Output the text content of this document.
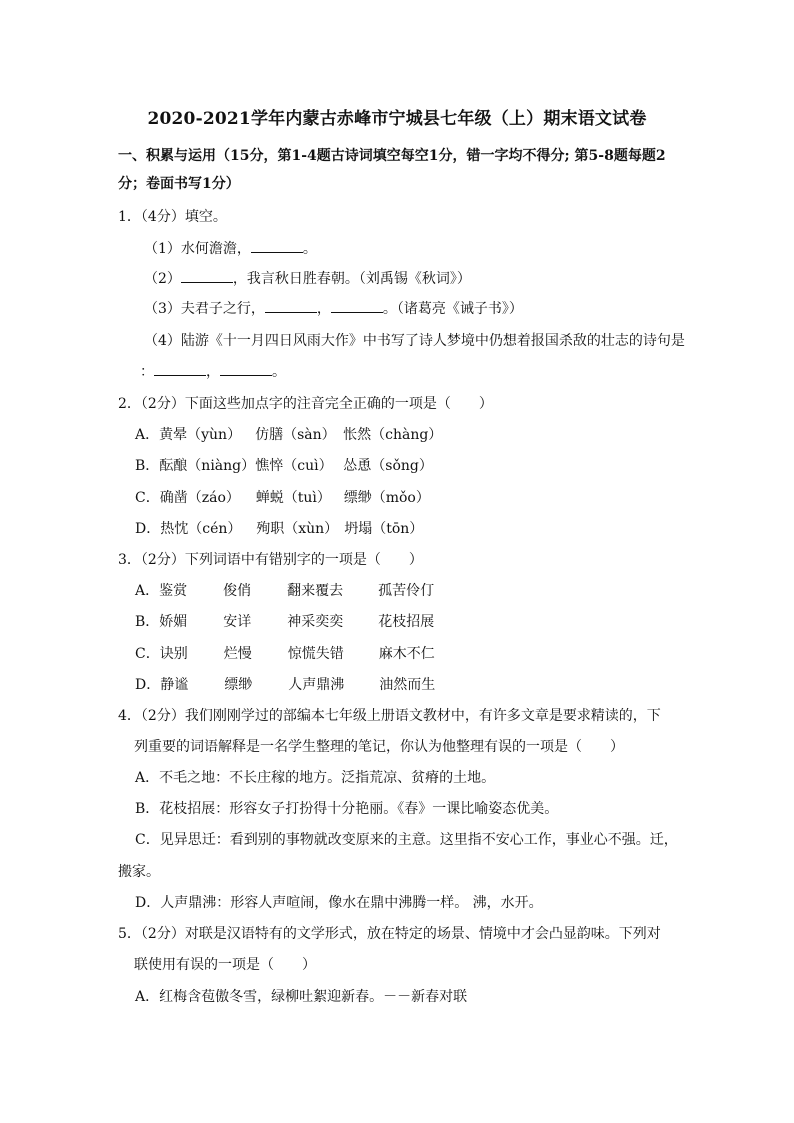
2020-2021学年内蒙古赤峰市宁城县七年级（上）期末语文试卷
一、积累与运用（15分，第1-4题古诗词填空每空1分，错一字均不得分; 第5-8题每题2
分；卷面书写1分）
1．（4分）填空。
（1）水何澹澹，	。
（2）	，我言秋日胜春朝。（刘禹锡《秋词》）
（3）夫君子之行，	，	。（诸葛亮《诫子书》）
（4）陆游《十一月四日风雨大作》中书写了诗人梦境中仍想着报国杀敌的壮志的诗句是
：	，	。
2．（2分）下面这些加点字的注音完全正确的一项是（　　）
A．黄晕（yùn） 仿膳（sàn） 怅然（chàng）
B．酝酿（niàng）憔悴（cuì） 怂恿（sǒng）
C．确凿（záo） 蝉蜕（tuì） 缥缈（mǒo）
D．热忱（cén） 殉职（xùn） 坍塌（tōn）
3．（2分）下列词语中有错别字的一项是（　　）
A．鉴赏	俊俏	翻来覆去	孤苦伶仃
B．娇媚	安详	神采奕奕	花枝招展
C．诀别	烂慢	惊慌失错	麻木不仁
D．静谧	缥缈	人声鼎沸	油然而生
4．（2分）我们刚刚学过的部编本七年级上册语文教材中，有许多文章是要求精读的，下
列重要的词语解释是一名学生整理的笔记，你认为他整理有误的一项是（　　）
A．不毛之地：不长庄稼的地方。泛指荒凉、贫瘠的土地。
B．花枝招展：形容女子打扮得十分艳丽。《春》一课比喻姿态优美。
C．见异思迁：看到别的事物就改变原来的主意。这里指不安心工作，事业心不强。迁，
搬家。
D．人声鼎沸：形容人声喧闹，像水在鼎中沸腾一样。 沸，水开。
5．（2分）对联是汉语特有的文学形式，放在特定的场景、情境中才会凸显韵味。下列对
联使用有误的一项是（　　）
A．红梅含苞傲冬雪，绿柳吐絮迎新春。－－新春对联
